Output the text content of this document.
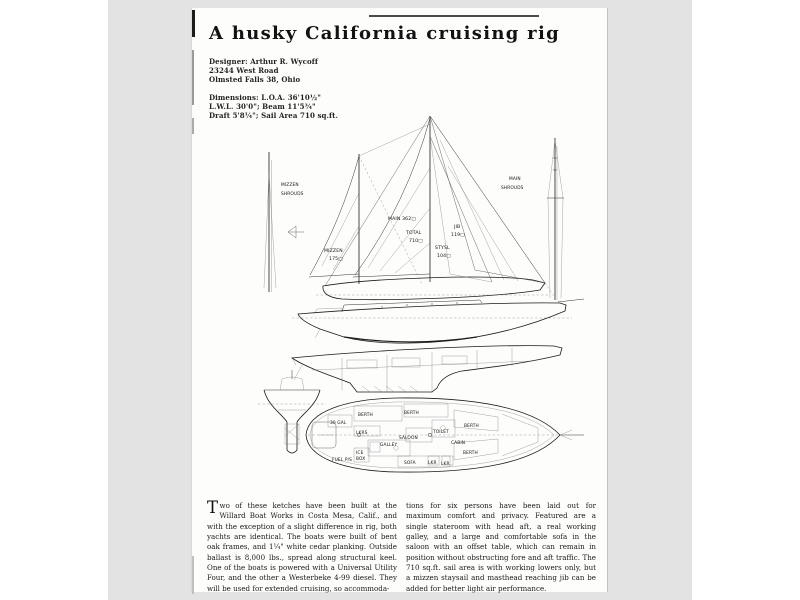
A husky California cruising rig
Designer: Arthur R. Wycoff
23244 West Road
Olmsted Falls 38, Ohio
Dimensions: L.O.A. 36'10½"
L.W.L. 30'0"; Beam 11'5¾"
Draft 5'8¼"; Sail Area 710 sq.ft.
MIZZEN
SHROUDS
MAIN
SHROUDS
MIZZEN
175□
MAIN 362□
TOTAL
710□
JIB
119□
STYSL
104□
30 GAL
BERTH
LKRS
BERTH
TOILET
SALOON
BERTH
CABIN
GALLEY
ICE
BOX
FUEL P/S
SOFA	LKR LKR
BERTH

Two of these ketches have been built at the Willard Boat Works in Costa Mesa, Calif., and with the exception of a slight difference in rig, both yachts are identical. The boats were built of bent oak frames, and 1¼" white cedar planking. Outside ballast is 8,000 lbs., spread along structural keel. One of the boats is powered with a Universal Utility Four, and the other a Westerbeke 4-99 diesel. They will be used for extended cruising, so accommoda-

tions for six persons have been laid out for maximum comfort and privacy. Featured are a single stateroom with head aft, a real working galley, and a large and comfortable sofa in the saloon with an offset table, which can remain in position without obstructing fore and aft traffic. The 710 sq.ft. sail area is with working lowers only, but a mizzen staysail and masthead reaching jib can be added for better light air performance.
